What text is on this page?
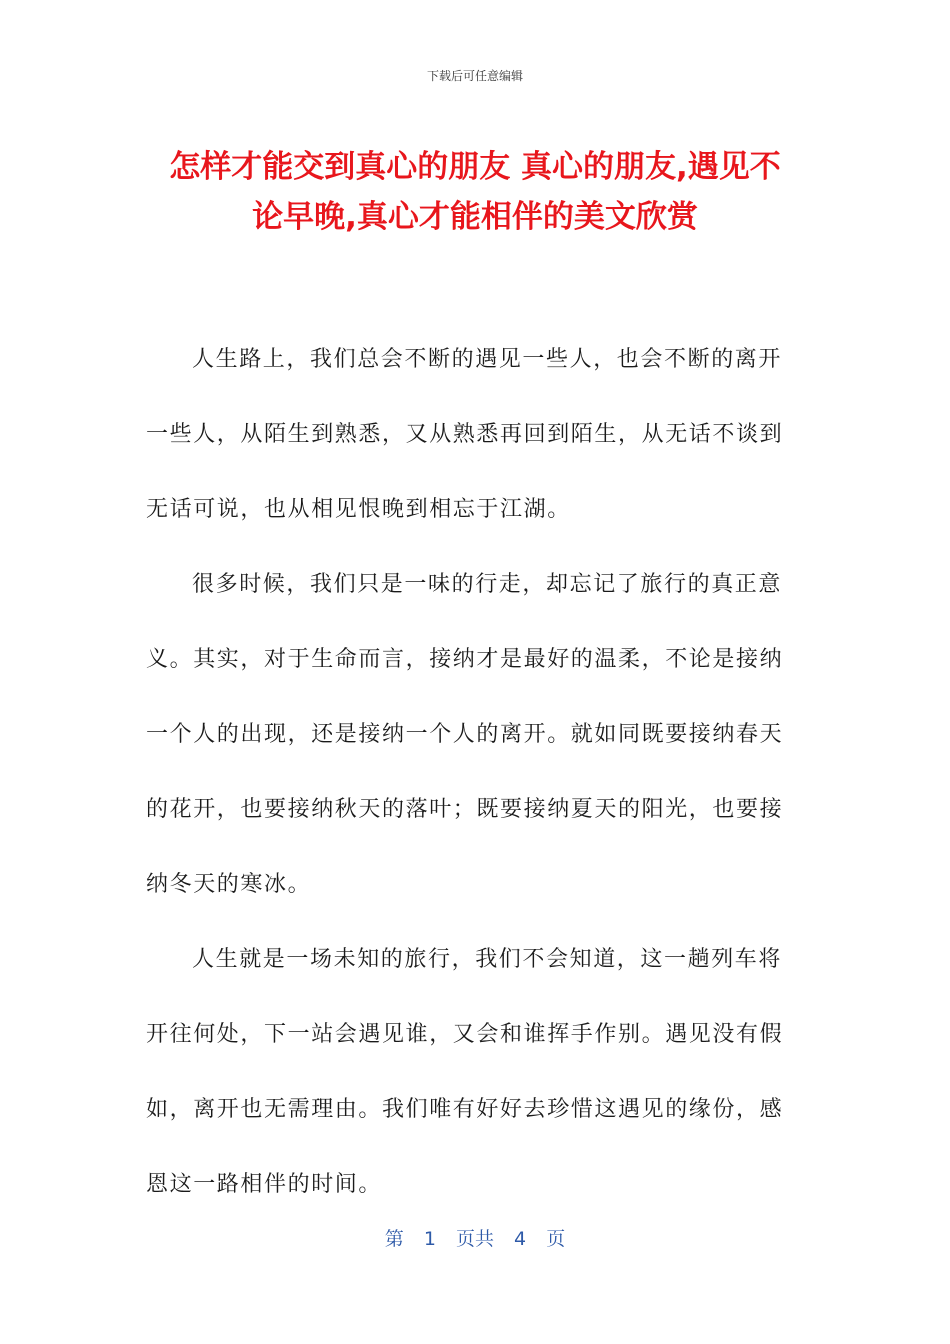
下载后可任意编辑
怎样才能交到真心的朋友 真心的朋友,遇见不
论早晚,真心才能相伴的美文欣赏

人生路上，我们总会不断的遇见一些人，也会不断的离开
一些人，从陌生到熟悉，又从熟悉再回到陌生，从无话不谈到
无话可说，也从相见恨晚到相忘于江湖。

很多时候，我们只是一味的行走，却忘记了旅行的真正意
义。其实，对于生命而言，接纳才是最好的温柔，不论是接纳
一个人的出现，还是接纳一个人的离开。就如同既要接纳春天
的花开，也要接纳秋天的落叶；既要接纳夏天的阳光，也要接
纳冬天的寒冰。

人生就是一场未知的旅行，我们不会知道，这一趟列车将
开往何处，下一站会遇见谁，又会和谁挥手作别。遇见没有假
如，离开也无需理由。我们唯有好好去珍惜这遇见的缘份，感
恩这一路相伴的时间。

第 1 页共 4 页
